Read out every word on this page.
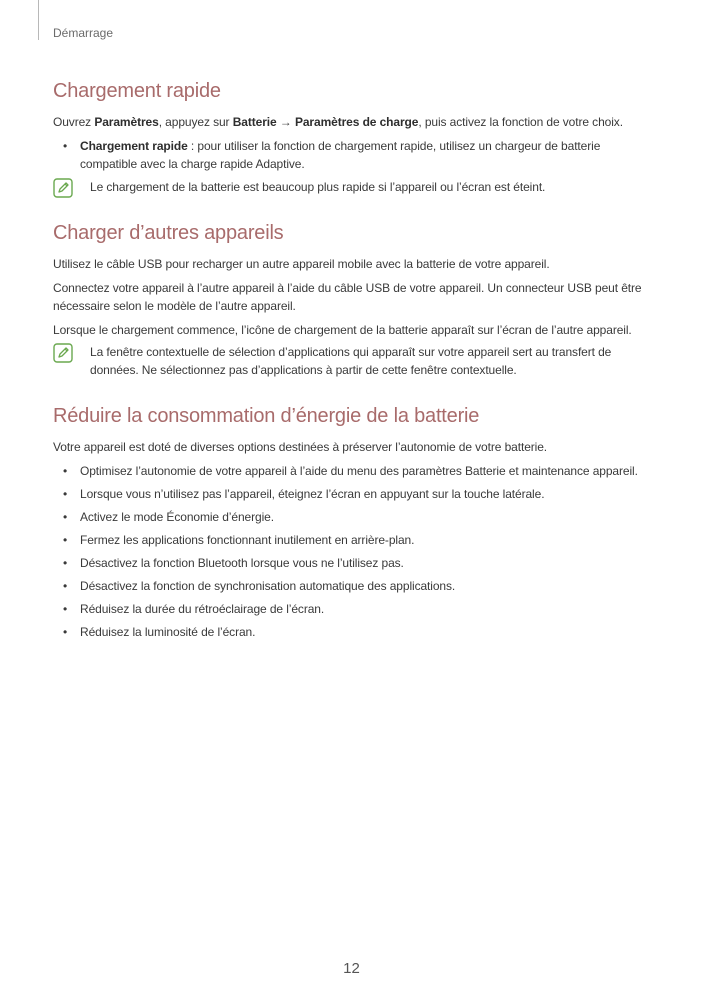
Démarrage
Chargement rapide

Ouvrez Paramètres, appuyez sur Batterie → Paramètres de charge, puis activez la fonction de votre choix.

• Chargement rapide : pour utiliser la fonction de chargement rapide, utilisez un chargeur de batterie compatible avec la charge rapide Adaptive.
Le chargement de la batterie est beaucoup plus rapide si l’appareil ou l’écran est éteint.
Charger d’autres appareils

Utilisez le câble USB pour recharger un autre appareil mobile avec la batterie de votre appareil.

Connectez votre appareil à l’autre appareil à l’aide du câble USB de votre appareil. Un connecteur USB peut être nécessaire selon le modèle de l’autre appareil.

Lorsque le chargement commence, l’icône de chargement de la batterie apparaît sur l’écran de l’autre appareil.

La fenêtre contextuelle de sélection d’applications qui apparaît sur votre appareil sert au transfert de données. Ne sélectionnez pas d’applications à partir de cette fenêtre contextuelle.
Réduire la consommation d’énergie de la batterie

Votre appareil est doté de diverses options destinées à préserver l’autonomie de votre batterie.

• Optimisez l’autonomie de votre appareil à l’aide du menu des paramètres Batterie et maintenance appareil.
• Lorsque vous n’utilisez pas l’appareil, éteignez l’écran en appuyant sur la touche latérale.
• Activez le mode Économie d’énergie.
• Fermez les applications fonctionnant inutilement en arrière-plan.
• Désactivez la fonction Bluetooth lorsque vous ne l’utilisez pas.
• Désactivez la fonction de synchronisation automatique des applications.
• Réduisez la durée du rétroéclairage de l’écran.
• Réduisez la luminosité de l’écran.
12
